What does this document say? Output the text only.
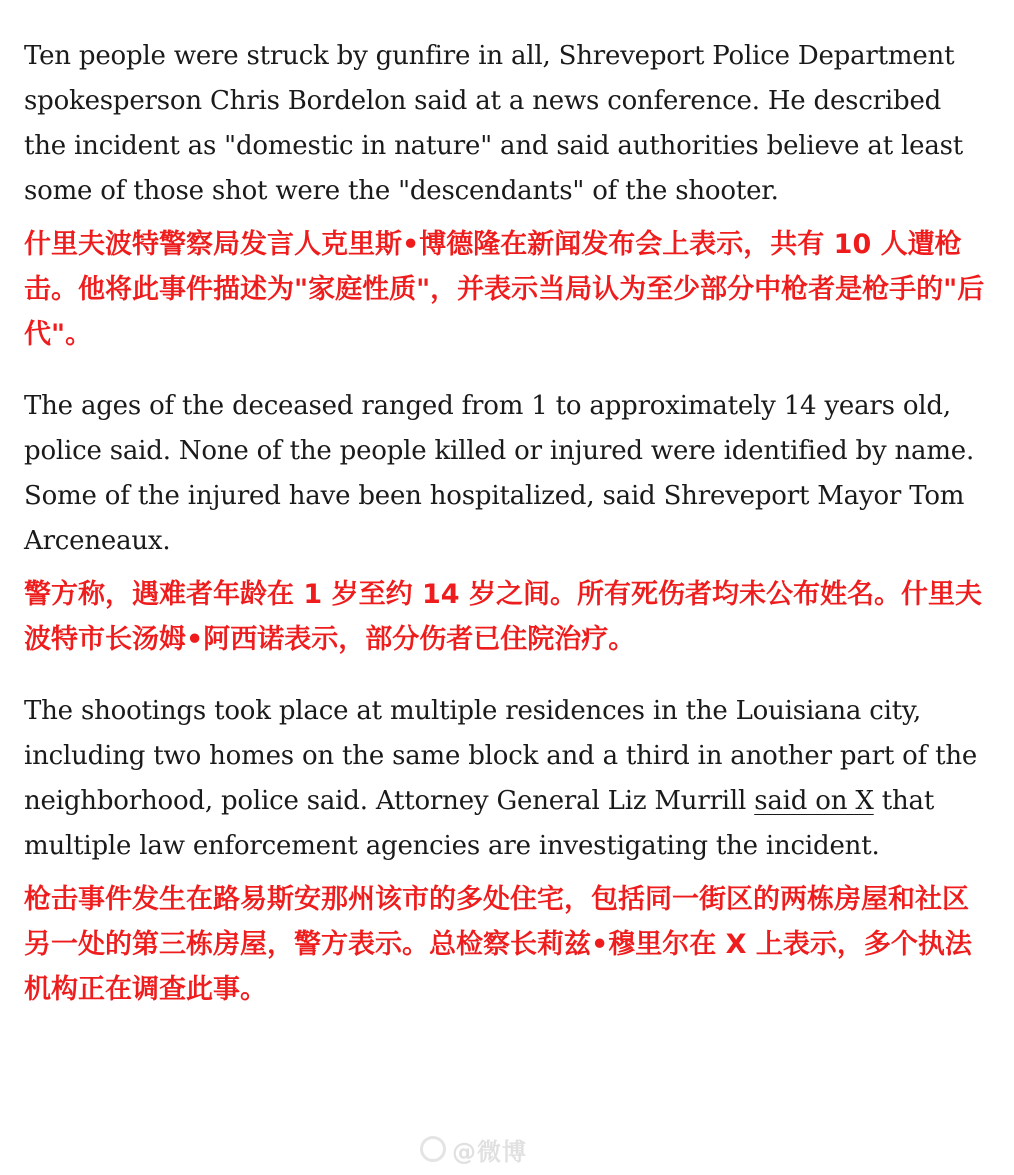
Ten people were struck by gunfire in all, Shreveport Police Department spokesperson Chris Bordelon said at a news conference. He described the incident as "domestic in nature" and said authorities believe at least some of those shot were the "descendants" of the shooter.

什里夫波特警察局发言人克里斯•博德隆在新闻发布会上表示，共有 10 人遭枪击。他将此事件描述为"家庭性质"，并表示当局认为至少部分中枪者是枪手的"后代"。

The ages of the deceased ranged from 1 to approximately 14 years old, police said. None of the people killed or injured were identified by name. Some of the injured have been hospitalized, said Shreveport Mayor Tom Arceneaux.

警方称，遇难者年龄在 1 岁至约 14 岁之间。所有死伤者均未公布姓名。什里夫波特市长汤姆•阿西诺表示，部分伤者已住院治疗。

The shootings took place at multiple residences in the Louisiana city, including two homes on the same block and a third in another part of the neighborhood, police said. Attorney General Liz Murrill said on X that multiple law enforcement agencies are investigating the incident.

枪击事件发生在路易斯安那州该市的多处住宅，包括同一街区的两栋房屋和社区另一处的第三栋房屋，警方表示。总检察长莉兹•穆里尔在 X 上表示，多个执法机构正在调查此事。

@微博
